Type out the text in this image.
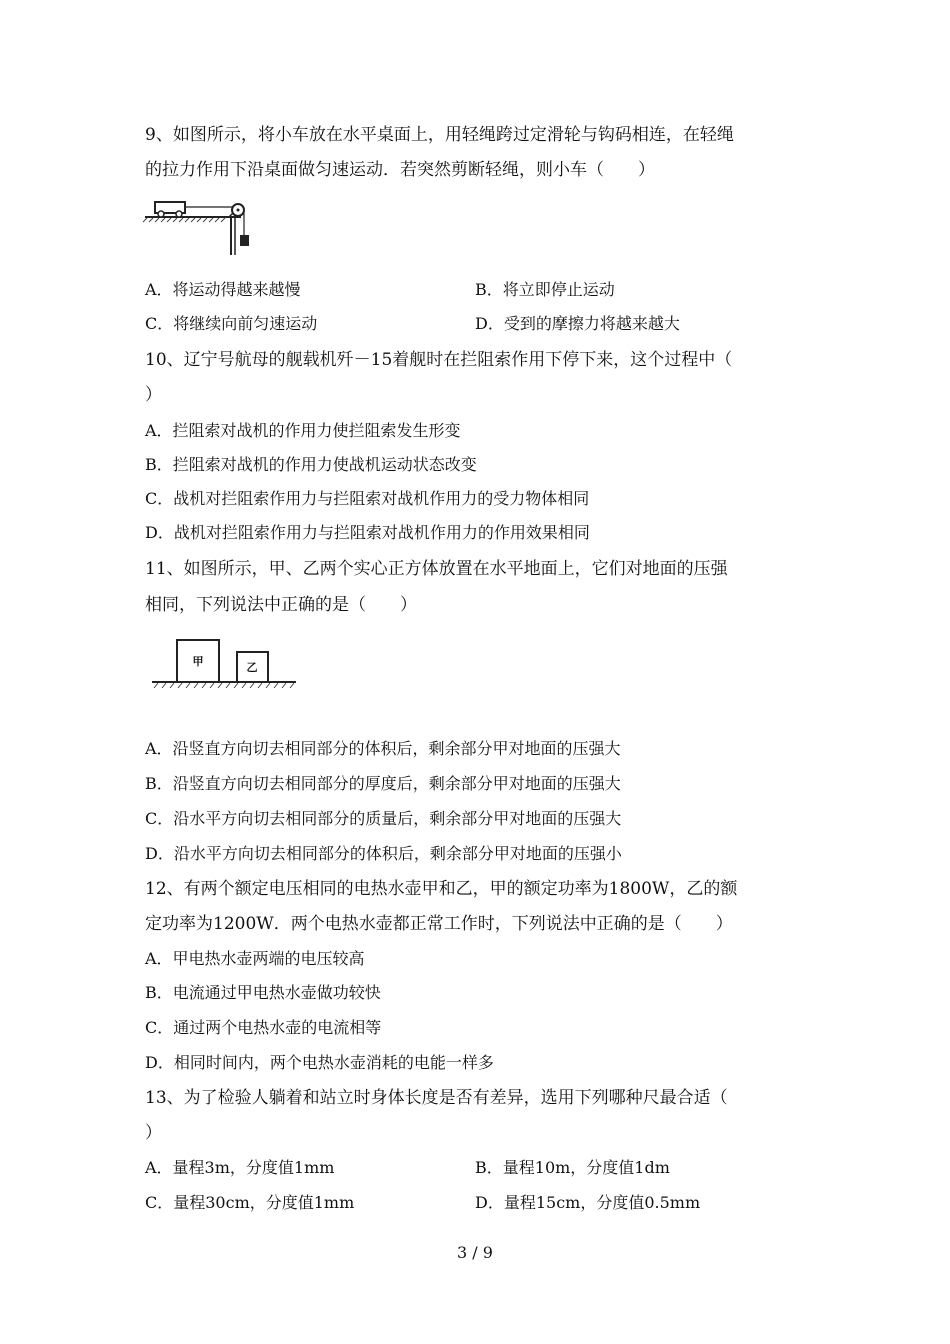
9、如图所示，将小车放在水平桌面上，用轻绳跨过定滑轮与钩码相连，在轻绳
的拉力作用下沿桌面做匀速运动．若突然剪断轻绳，则小车（　　）
A．将运动得越来越慢	B．将立即停止运动
C．将继续向前匀速运动	D．受到的摩擦力将越来越大
10、辽宁号航母的舰载机歼－15着舰时在拦阻索作用下停下来，这个过程中（
）
A．拦阻索对战机的作用力使拦阻索发生形变
B．拦阻索对战机的作用力使战机运动状态改变
C．战机对拦阻索作用力与拦阻索对战机作用力的受力物体相同
D．战机对拦阻索作用力与拦阻索对战机作用力的作用效果相同
11、如图所示，甲、乙两个实心正方体放置在水平地面上，它们对地面的压强
相同，下列说法中正确的是（　　）
甲	乙
A．沿竖直方向切去相同部分的体积后，剩余部分甲对地面的压强大
B．沿竖直方向切去相同部分的厚度后，剩余部分甲对地面的压强大
C．沿水平方向切去相同部分的质量后，剩余部分甲对地面的压强大
D．沿水平方向切去相同部分的体积后，剩余部分甲对地面的压强小
12、有两个额定电压相同的电热水壶甲和乙，甲的额定功率为1800W，乙的额
定功率为1200W．两个电热水壶都正常工作时，下列说法中正确的是（　　）
A．甲电热水壶两端的电压较高
B．电流通过甲电热水壶做功较快
C．通过两个电热水壶的电流相等
D．相同时间内，两个电热水壶消耗的电能一样多
13、为了检验人躺着和站立时身体长度是否有差异，选用下列哪种尺最合适（
）
A．量程3m，分度值1mm	B．量程10m，分度值1dm
C．量程30cm，分度值1mm	D．量程15cm，分度值0.5mm
3 / 9
